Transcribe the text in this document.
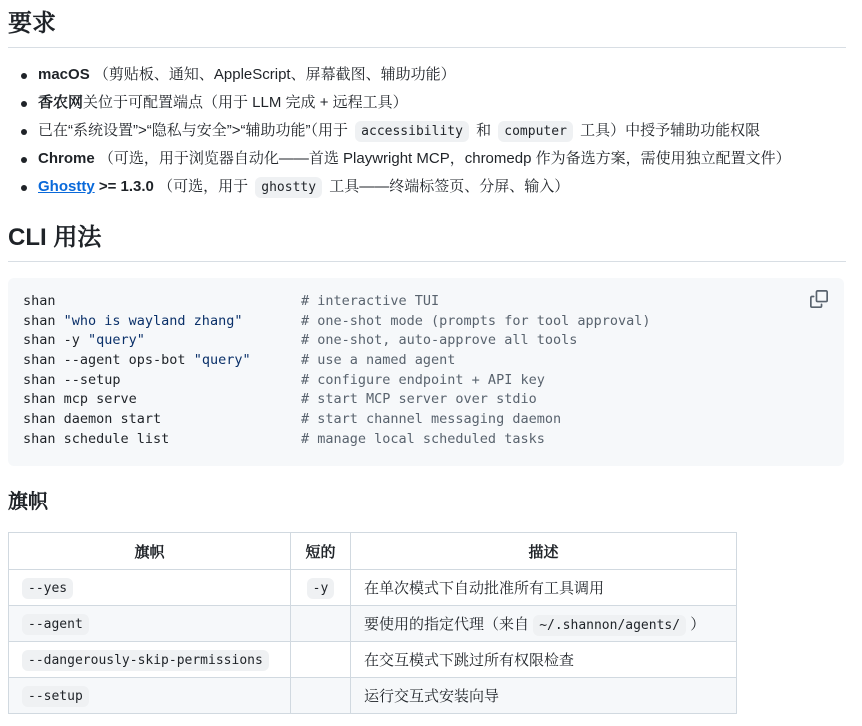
要求
macOS （剪贴板、通知、AppleScript、屏幕截图、辅助功能）
香农网关位于可配置端点（用于 LLM 完成 + 远程工具）
已在“系统设置”>“隐私与安全”>“辅助功能”（用于 accessibility 和 computer 工具）中授予辅助功能权限
Chrome （可选，用于浏览器自动化——首选 Playwright MCP，chromedp 作为备选方案，需使用独立配置文件）
Ghostty >= 1.3.0 （可选，用于 ghostty 工具——终端标签页、分屏、输入）
CLI 用法
shan	# interactive TUI
shan "who is wayland zhang"	# one-shot mode (prompts for tool approval)
shan -y "query"	# one-shot, auto-approve all tools
shan --agent ops-bot "query"	# use a named agent
shan --setup	# configure endpoint + API key
shan mcp serve	# start MCP server over stdio
shan daemon start	# start channel messaging daemon
shan schedule list	# manage local scheduled tasks
旗帜
旗帜	短的	描述
--yes	-y	在单次模式下自动批准所有工具调用
--agent		要使用的指定代理（来自 ~/.shannon/agents/ ）
--dangerously-skip-permissions		在交互模式下跳过所有权限检查
--setup		运行交互式安装向导
